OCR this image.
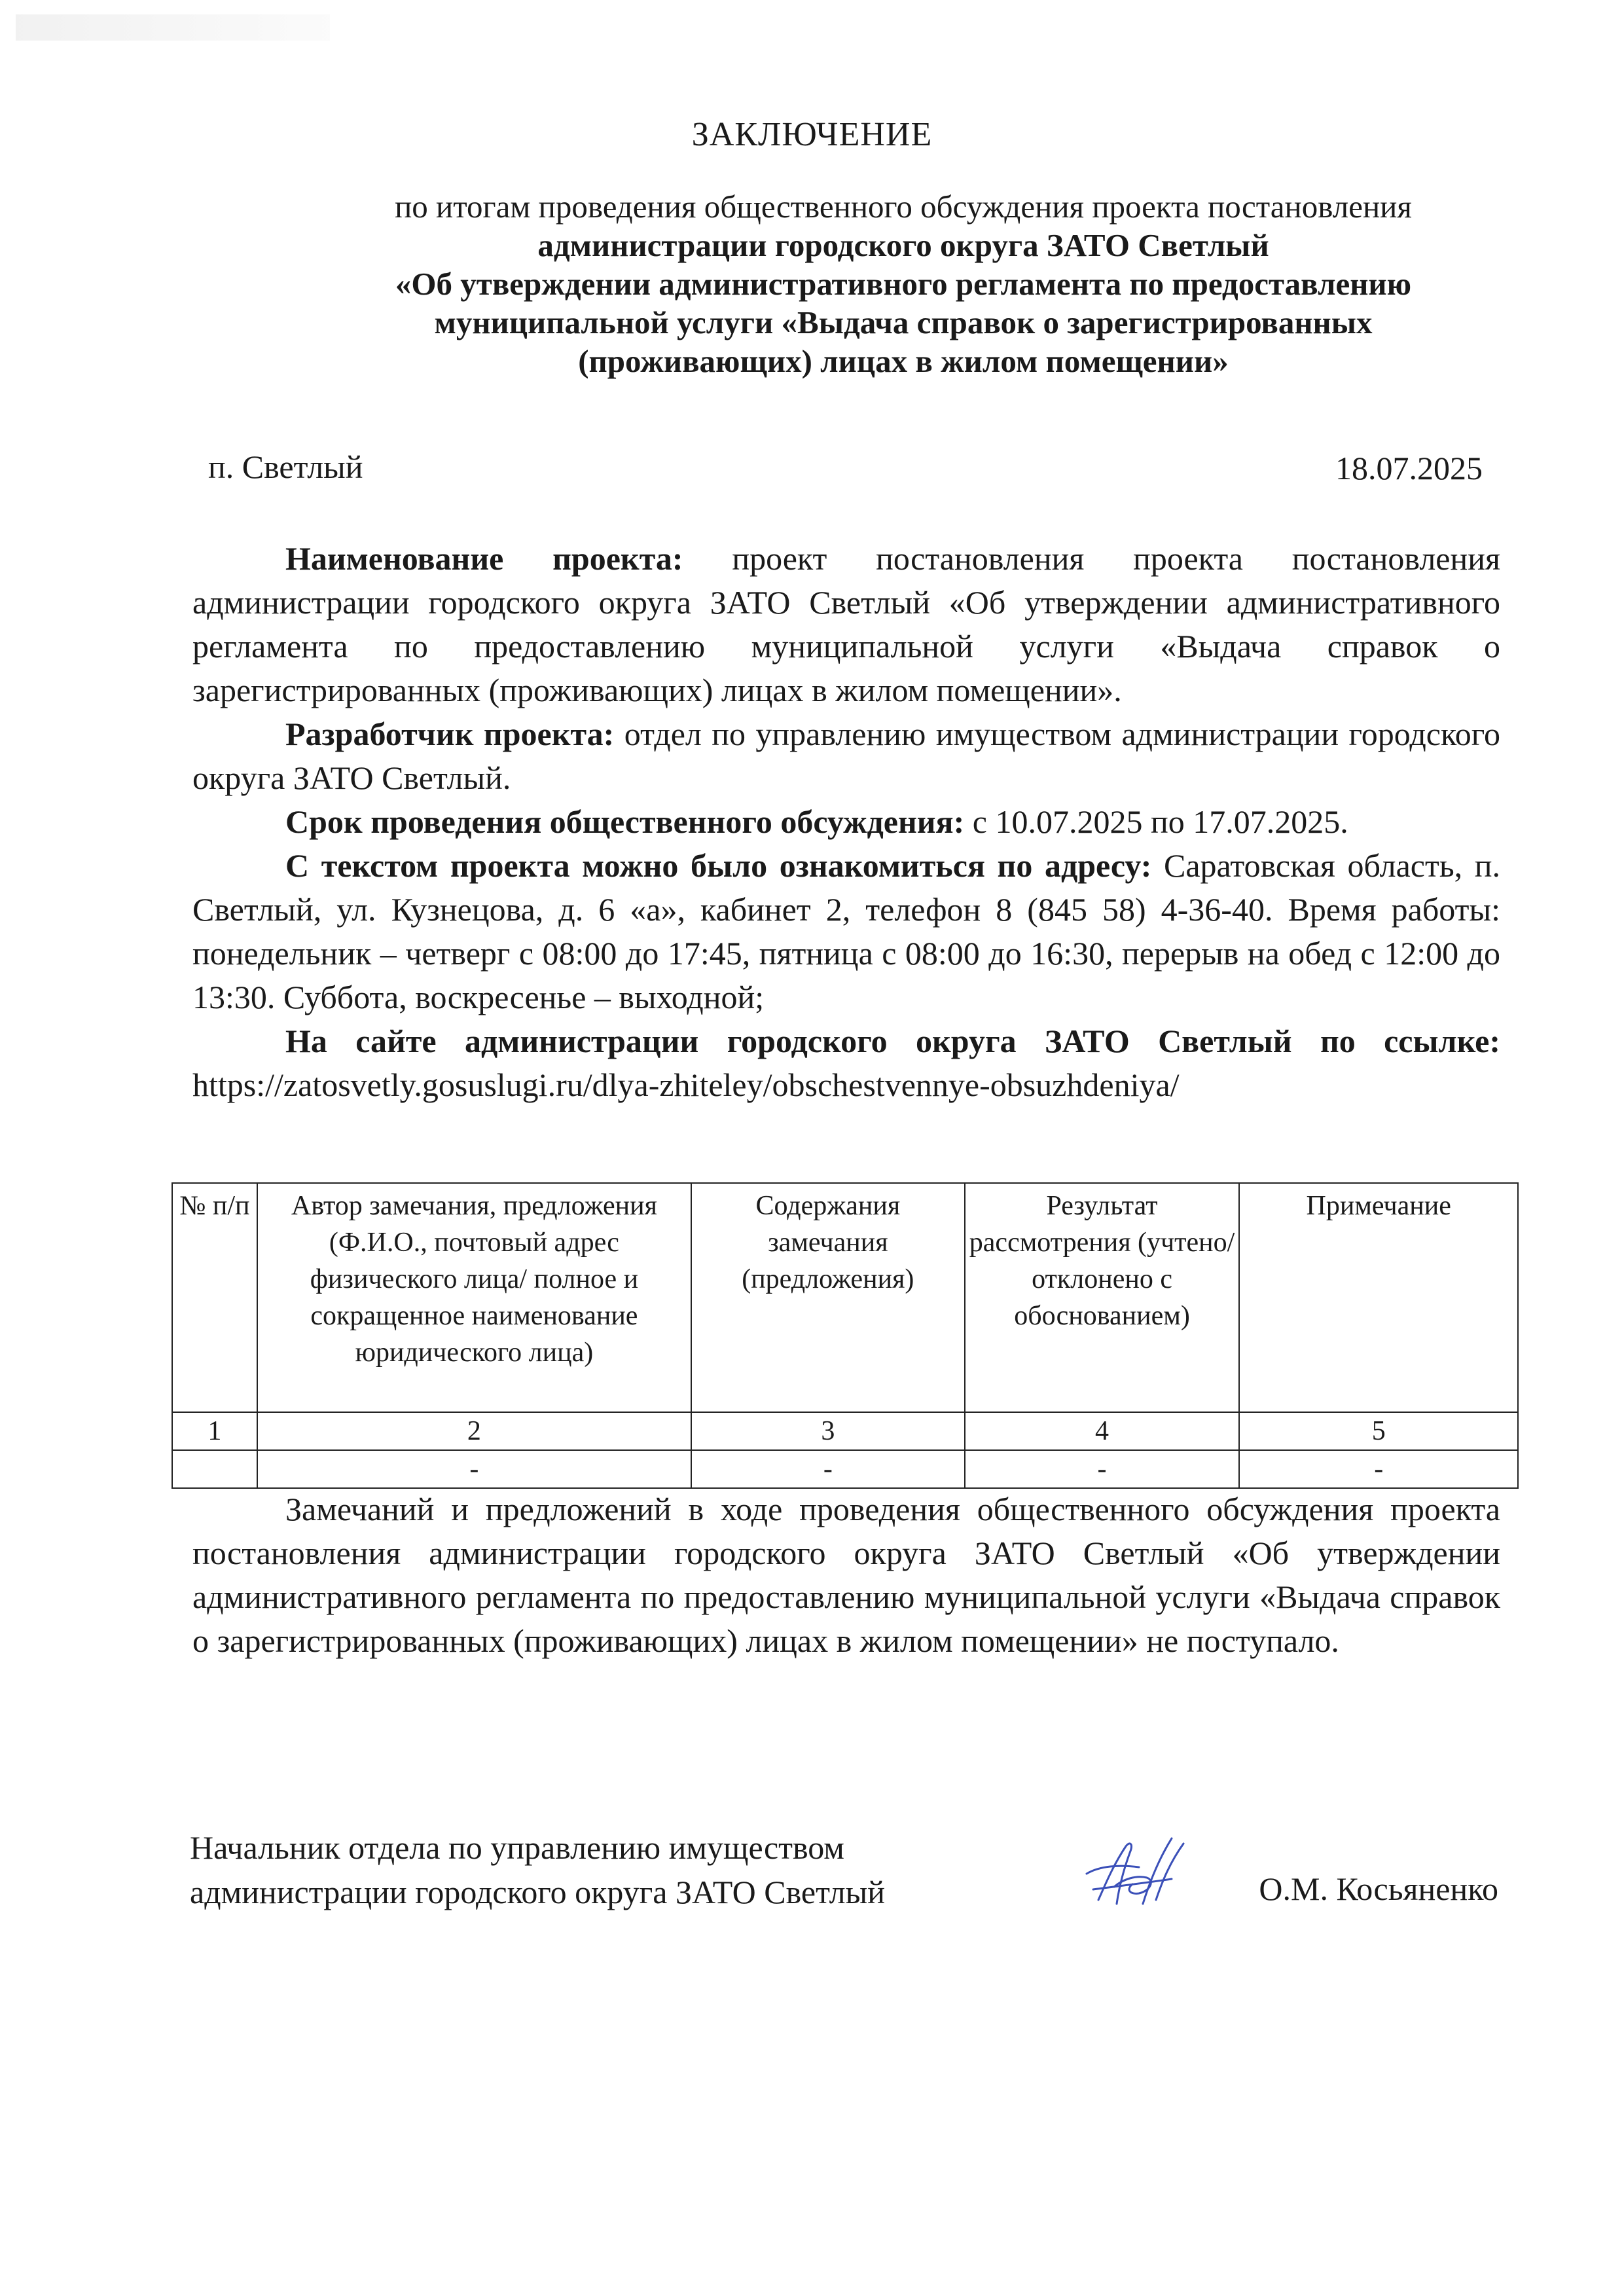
ЗАКЛЮЧЕНИЕ
по итогам проведения общественного обсуждения проекта постановления
администрации городского округа ЗАТО Светлый
«Об утверждении административного регламента по предоставлению
муниципальной услуги «Выдача справок о зарегистрированных
(проживающих) лицах в жилом помещении»
п. Светлый	18.07.2025

Наименование проекта: проект постановления проекта постановления администрации городского округа ЗАТО Светлый «Об утверждении административного регламента по предоставлению муниципальной услуги «Выдача справок о зарегистрированных (проживающих) лицах в жилом помещении».

Разработчик проекта: отдел по управлению имуществом администрации городского округа ЗАТО Светлый.

Срок проведения общественного обсуждения: с 10.07.2025 по 17.07.2025.

С текстом проекта можно было ознакомиться по адресу: Саратовская область, п. Светлый, ул. Кузнецова, д. 6 «а», кабинет 2, телефон 8 (845 58) 4-36-40. Время работы: понедельник – четверг с 08:00 до 17:45, пятница с 08:00 до 16:30, перерыв на обед с 12:00 до 13:30. Суббота, воскресенье – выходной;

На сайте администрации городского округа ЗАТО Светлый по ссылке: https://zatosvetly.gosuslugi.ru/dlya-zhiteley/obschestvennye-obsuzhdeniya/

№ п/п	Автор замечания, предложения (Ф.И.О., почтовый адрес физического лица/ полное и сокращенное наименование юридического лица)	Содержания замечания (предложения)	Результат рассмотрения (учтено/ отклонено с обоснованием)	Примечание
1	2	3	4	5
	-	-	-	-

Замечаний и предложений в ходе проведения общественного обсуждения проекта постановления администрации городского округа ЗАТО Светлый «Об утверждении административного регламента по предоставлению муниципальной услуги «Выдача справок о зарегистрированных (проживающих) лицах в жилом помещении» не поступало.

Начальник отдела по управлению имуществом
администрации городского округа ЗАТО Светлый	О.М. Косьяненко
